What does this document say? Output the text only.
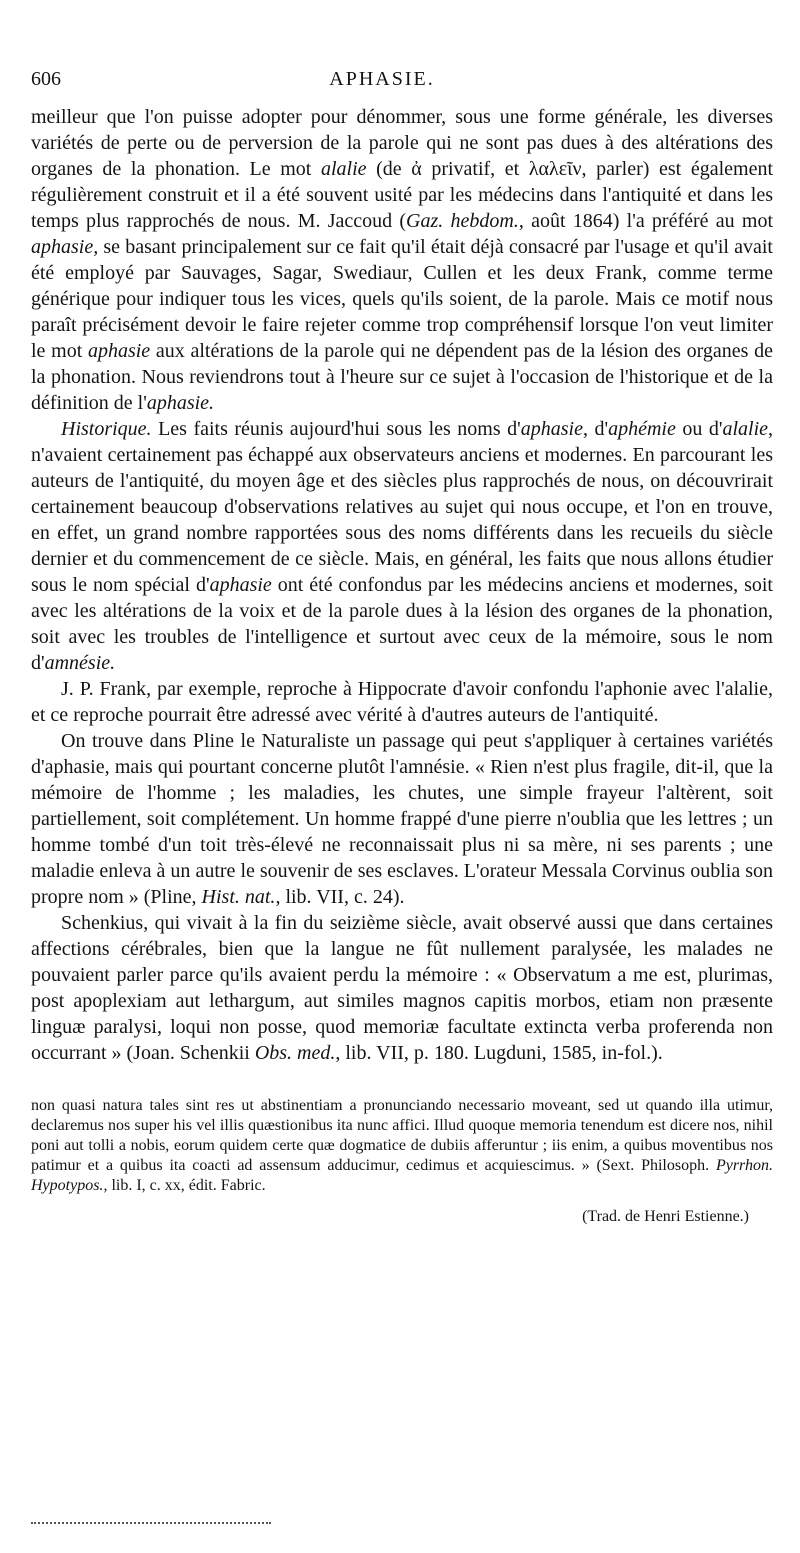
606	APHASIE.

meilleur que l'on puisse adopter pour dénommer, sous une forme générale, les diverses variétés de perte ou de perversion de la parole qui ne sont pas dues à des altérations des organes de la phonation. Le mot alalie (de ἀ privatif, et λαλεῖν, parler) est également régulièrement construit et il a été souvent usité par les médecins dans l'antiquité et dans les temps plus rapprochés de nous. M. Jaccoud (Gaz. hebdom., août 1864) l'a préféré au mot aphasie, se basant principalement sur ce fait qu'il était déjà consacré par l'usage et qu'il avait été employé par Sauvages, Sagar, Swediaur, Cullen et les deux Frank, comme terme générique pour indiquer tous les vices, quels qu'ils soient, de la parole. Mais ce motif nous paraît précisément devoir le faire rejeter comme trop compréhensif lorsque l'on veut limiter le mot aphasie aux altérations de la parole qui ne dépendent pas de la lésion des organes de la phonation. Nous reviendrons tout à l'heure sur ce sujet à l'occasion de l'historique et de la définition de l'aphasie.

Historique. Les faits réunis aujourd'hui sous les noms d'aphasie, d'aphémie ou d'alalie, n'avaient certainement pas échappé aux observateurs anciens et modernes. En parcourant les auteurs de l'antiquité, du moyen âge et des siècles plus rapprochés de nous, on découvrirait certainement beaucoup d'observations relatives au sujet qui nous occupe, et l'on en trouve, en effet, un grand nombre rapportées sous des noms différents dans les recueils du siècle dernier et du commencement de ce siècle. Mais, en général, les faits que nous allons étudier sous le nom spécial d'aphasie ont été confondus par les médecins anciens et modernes, soit avec les altérations de la voix et de la parole dues à la lésion des organes de la phonation, soit avec les troubles de l'intelligence et surtout avec ceux de la mémoire, sous le nom d'amnésie.

J. P. Frank, par exemple, reproche à Hippocrate d'avoir confondu l'aphonie avec l'alalie, et ce reproche pourrait être adressé avec vérité à d'autres auteurs de l'antiquité.

On trouve dans Pline le Naturaliste un passage qui peut s'appliquer à certaines variétés d'aphasie, mais qui pourtant concerne plutôt l'amnésie. « Rien n'est plus fragile, dit-il, que la mémoire de l'homme ; les maladies, les chutes, une simple frayeur l'altèrent, soit partiellement, soit complétement. Un homme frappé d'une pierre n'oublia que les lettres ; un homme tombé d'un toit très-élevé ne reconnaissait plus ni sa mère, ni ses parents ; une maladie enleva à un autre le souvenir de ses esclaves. L'orateur Messala Corvinus oublia son propre nom » (Pline, Hist. nat., lib. VII, c. 24).

Schenkius, qui vivait à la fin du seizième siècle, avait observé aussi que dans certaines affections cérébrales, bien que la langue ne fût nullement paralysée, les malades ne pouvaient parler parce qu'ils avaient perdu la mémoire : « Observatum a me est, plurimas, post apoplexiam aut lethargum, aut similes magnos capitis morbos, etiam non præsente linguæ paralysi, loqui non posse, quod memoriæ facultate extincta verba proferenda non occurrant » (Joan. Schenkii Obs. med., lib. VII, p. 180. Lugduni, 1585, in-fol.).

non quasi natura tales sint res ut abstinentiam a pronunciando necessario moveant, sed ut quando illa utimur, declaremus nos super his vel illis quæstionibus ita nunc affici. Illud quoque memoria tenendum est dicere nos, nihil poni aut tolli a nobis, eorum quidem certe quæ dogmatice de dubiis afferuntur ; iis enim, a quibus moventibus nos patimur et a quibus ita coacti ad assensum adducimur, cedimus et acquiescimus. » (Sext. Philosoph. Pyrrhon. Hypotypos., lib. I, c. xx, édit. Fabric.

(Trad. de Henri Estienne.)
